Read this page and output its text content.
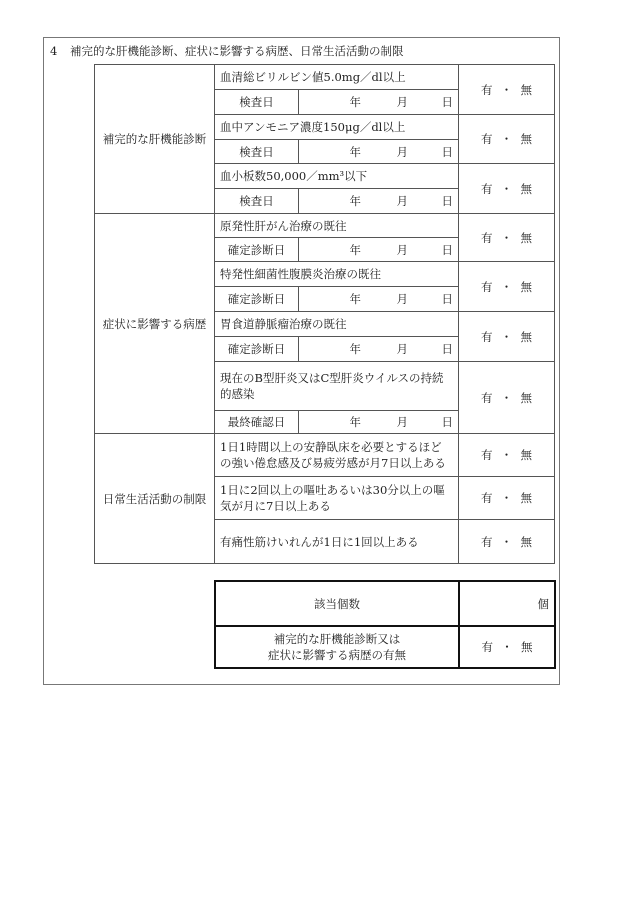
4 補完的な肝機能診断、症状に影響する病歴、日常生活活動の制限
補完的な肝機能診断	血清総ビリルビン値5.0mg／dl以上		有 ・ 無
	検査日	年 月 日	
	血中アンモニア濃度150μg／dl以上		有 ・ 無
	検査日	年 月 日	
	血小板数50,000／mm³以下		有 ・ 無
	検査日	年 月 日	
症状に影響する病歴	原発性肝がん治療の既往		有 ・ 無
	確定診断日	年 月 日	
	特発性細菌性腹膜炎治療の既往		有 ・ 無
	確定診断日	年 月 日	
	胃食道静脈瘤治療の既往		有 ・ 無
	確定診断日	年 月 日	
	現在のB型肝炎又はC型肝炎ウイルスの持続的感染		有 ・ 無
	最終確認日	年 月 日	
日常生活活動の制限	1日1時間以上の安静臥床を必要とするほどの強い倦怠感及び易疲労感が月7日以上ある		有 ・ 無
	1日に2回以上の嘔吐あるいは30分以上の嘔気が月に7日以上ある		有 ・ 無
	有痛性筋けいれんが1日に1回以上ある		有 ・ 無
該当個数	個

補完的な肝機能診断又は
症状に影響する病歴の有無	有 ・ 無
